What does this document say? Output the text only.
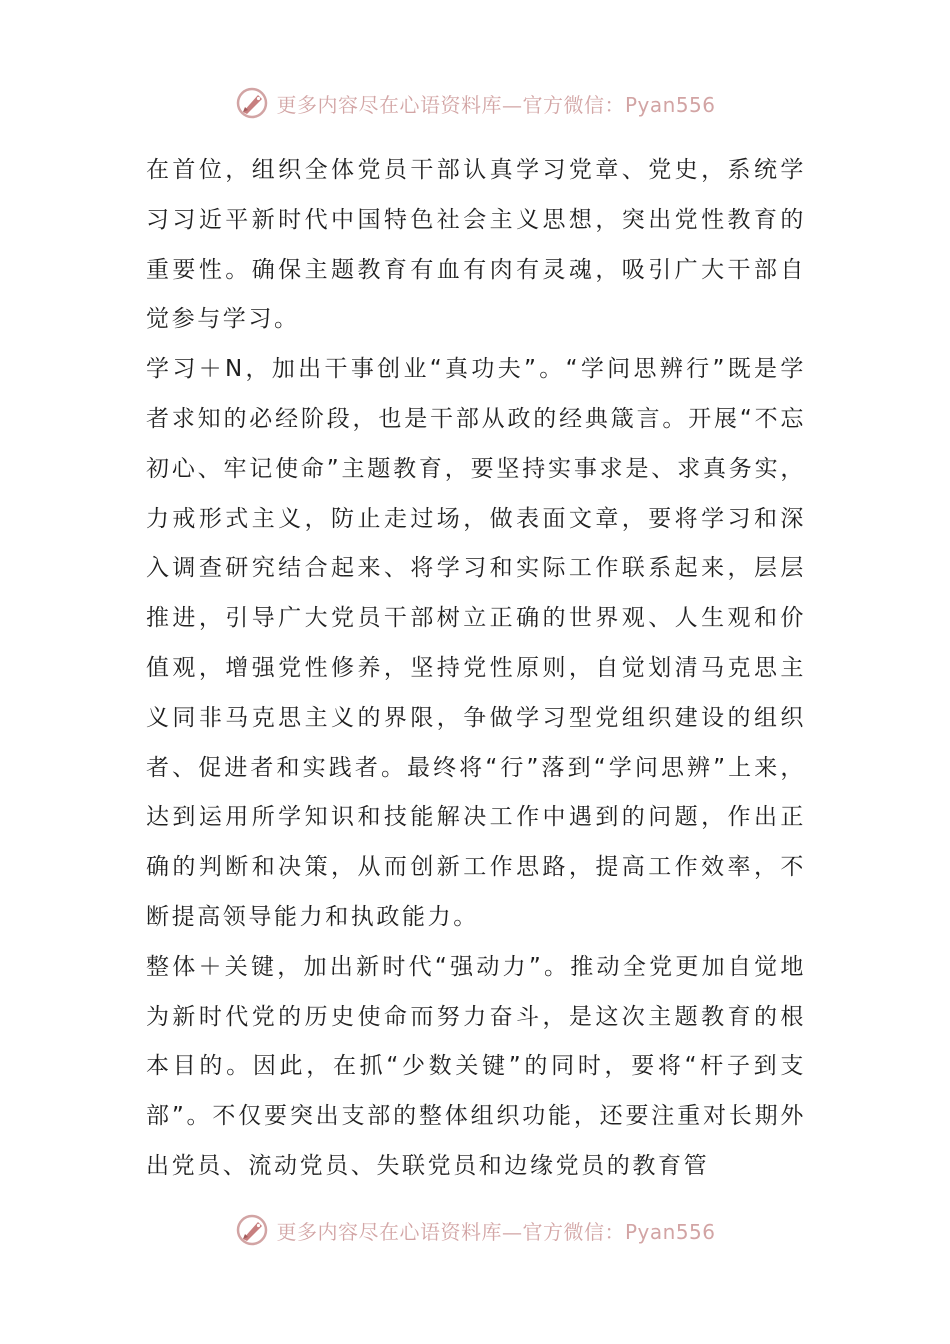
更多内容尽在心语资料库—官方微信：Pyan556

在首位，组织全体党员干部认真学习党章、党史，系统学习习近平新时代中国特色社会主义思想，突出党性教育的重要性。确保主题教育有血有肉有灵魂，吸引广大干部自觉参与学习。

学习＋N，加出干事创业“真功夫”。“学问思辨行”既是学者求知的必经阶段，也是干部从政的经典箴言。开展“不忘初心、牢记使命”主题教育，要坚持实事求是、求真务实，力戒形式主义，防止走过场，做表面文章，要将学习和深入调查研究结合起来、将学习和实际工作联系起来，层层推进，引导广大党员干部树立正确的世界观、人生观和价值观，增强党性修养，坚持党性原则，自觉划清马克思主义同非马克思主义的界限，争做学习型党组织建设的组织者、促进者和实践者。最终将“行”落到“学问思辨”上来，达到运用所学知识和技能解决工作中遇到的问题，作出正确的判断和决策，从而创新工作思路，提高工作效率，不断提高领导能力和执政能力。

整体＋关键，加出新时代“强动力”。推动全党更加自觉地为新时代党的历史使命而努力奋斗，是这次主题教育的根本目的。因此，在抓“少数关键”的同时，要将“杆子到支部”。不仅要突出支部的整体组织功能，还要注重对长期外出党员、流动党员、失联党员和边缘党员的教育管

更多内容尽在心语资料库—官方微信：Pyan556
